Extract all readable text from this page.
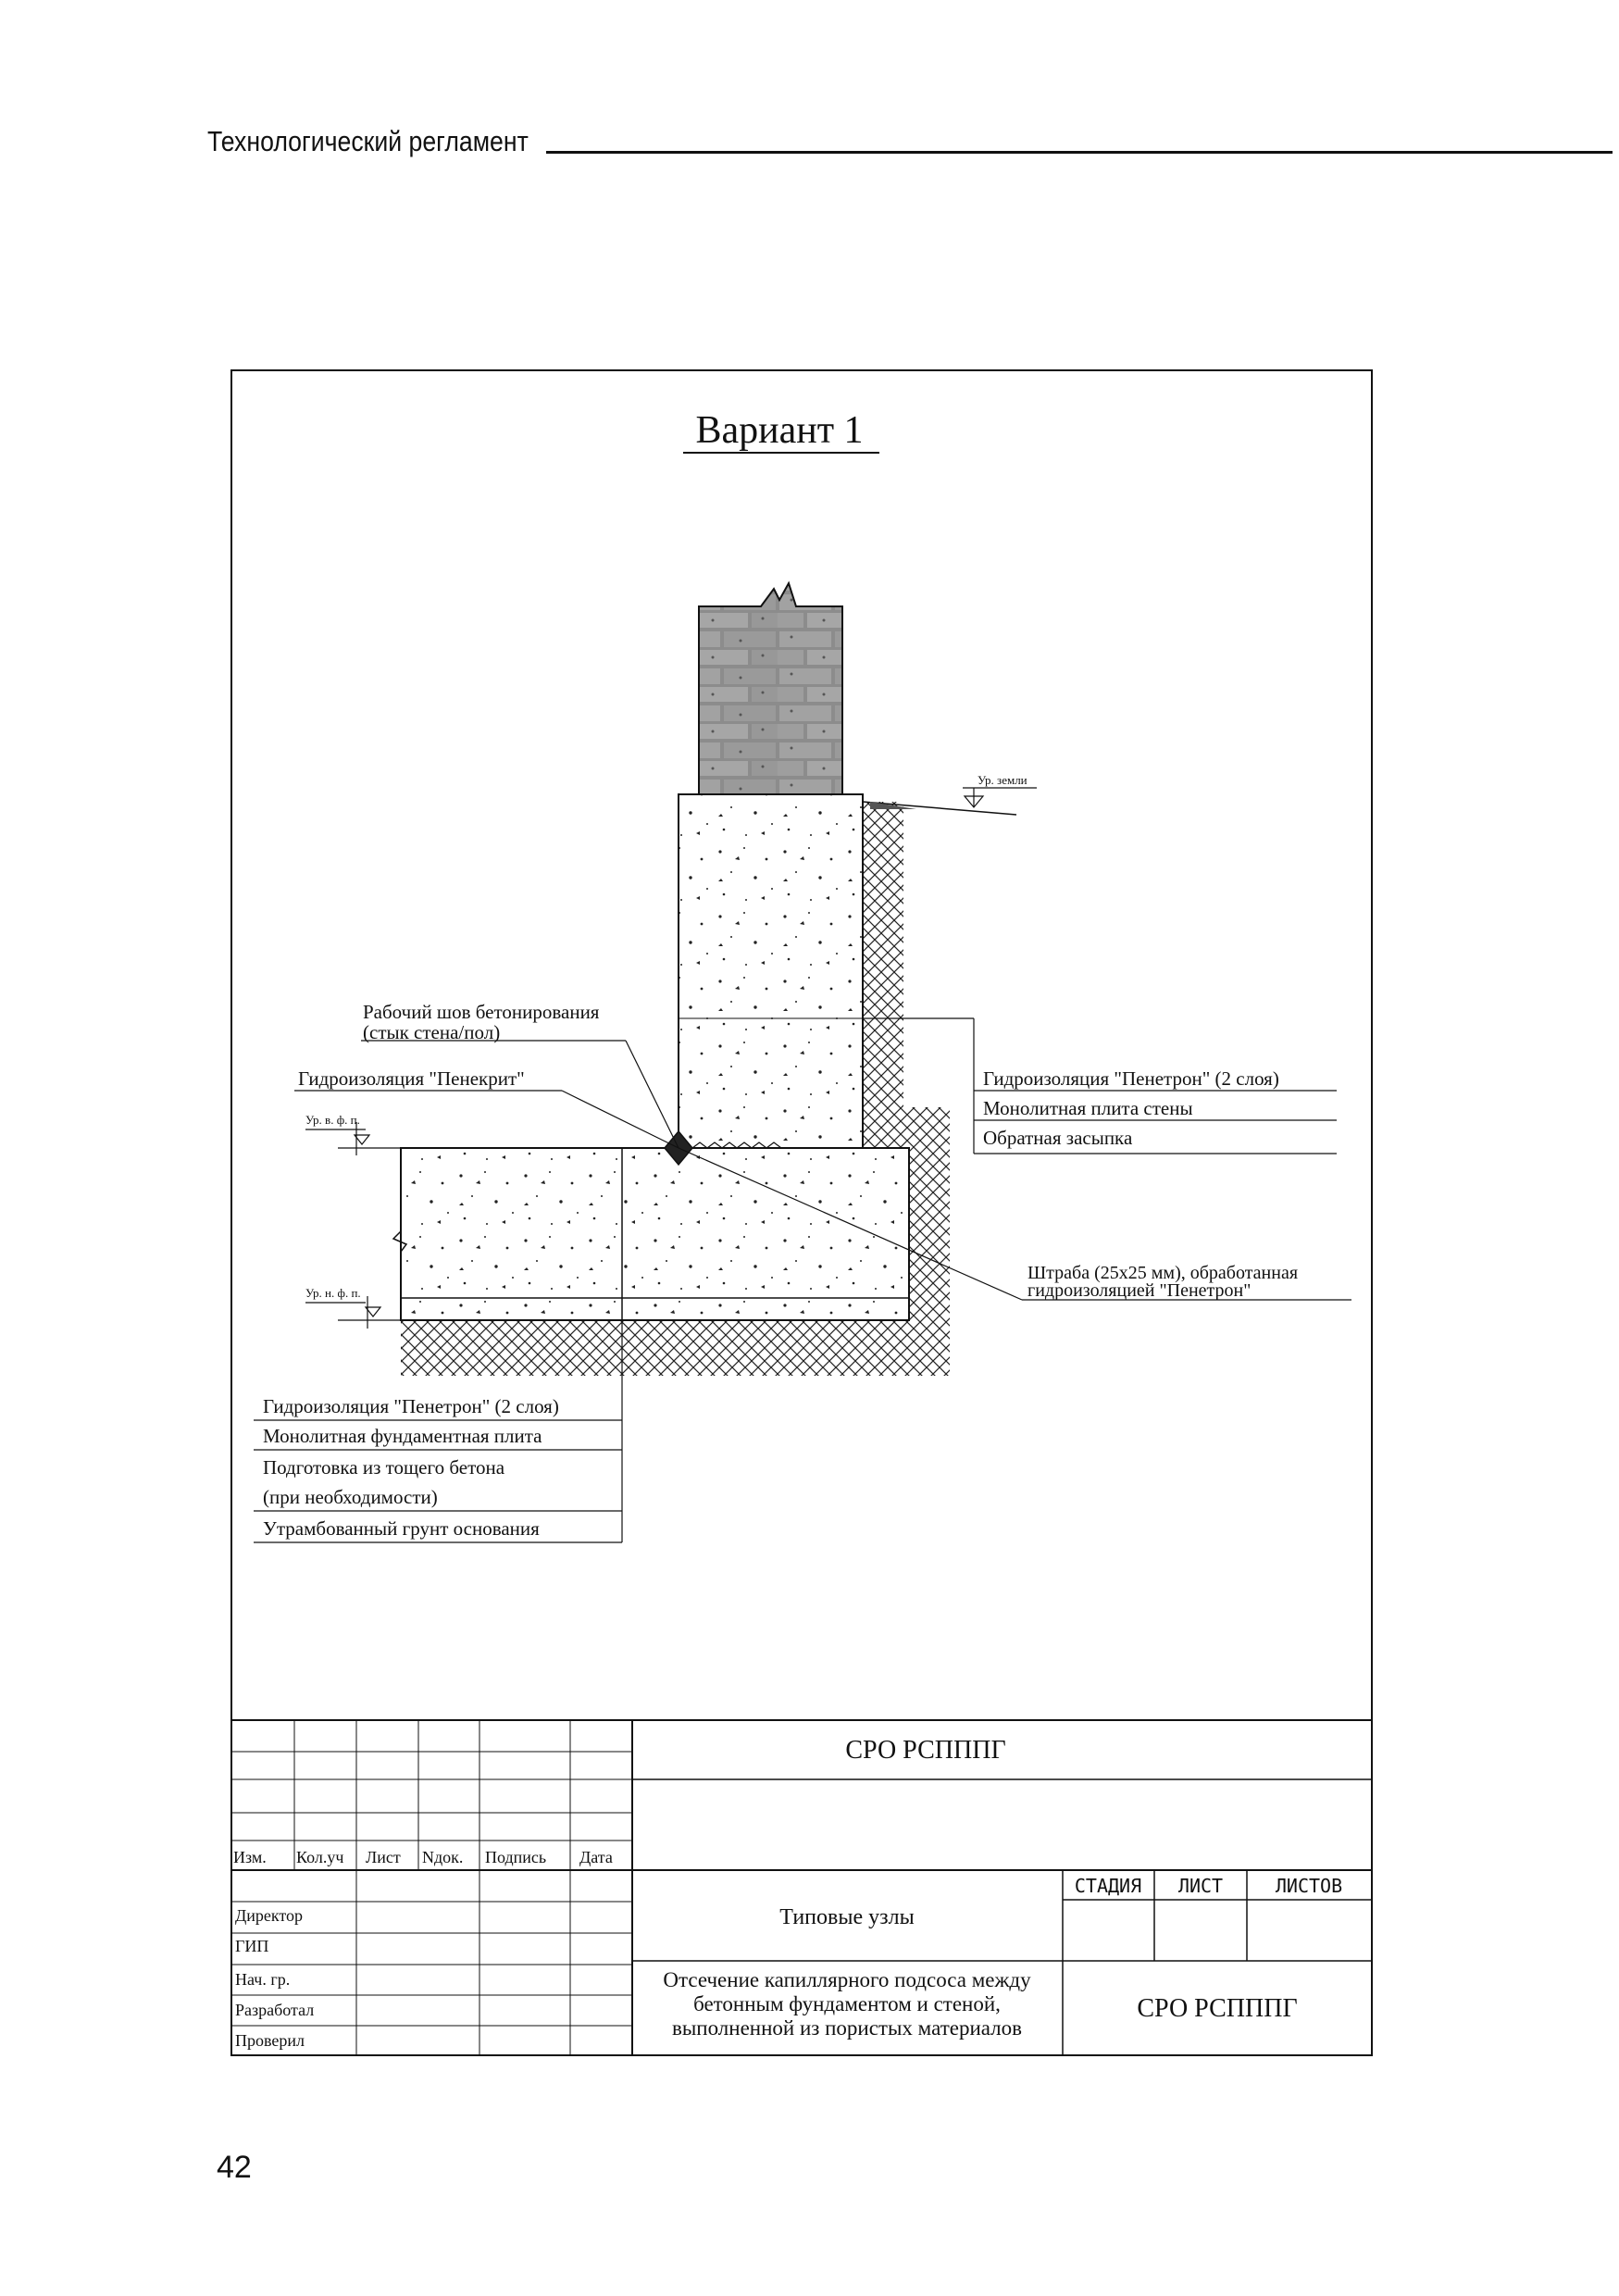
Технологический регламент
Вариант 1
Ур. земли
Ур. в. ф. п.
Ур. н. ф. п.
Рабочий шов бетонирования
(стык стена/пол)
Гидроизоляция "Пенекрит"
Штраба (25х25 мм), обработанная
гидроизоляцией "Пенетрон"
Гидроизоляция "Пенетрон" (2 слоя)
Монолитная плита стены
Обратная засыпка
Гидроизоляция "Пенетрон" (2 слоя)
Монолитная фундаментная плита
Подготовка из тощего бетона
(при необходимости)
Утрамбованный грунт основания
СРО РСПППГ
Изм. Кол.уч Лист Nдок. Подпись Дата
Директор
ГИП
Нач. гр.
Разработал
Проверил
Типовые узлы
Отсечение капиллярного подсоса между
бетонным фундаментом и стеной,
выполненной из пористых материалов
СТАДИЯ ЛИСТ	ЛИСТОВ
СРО РСПППГ
42
